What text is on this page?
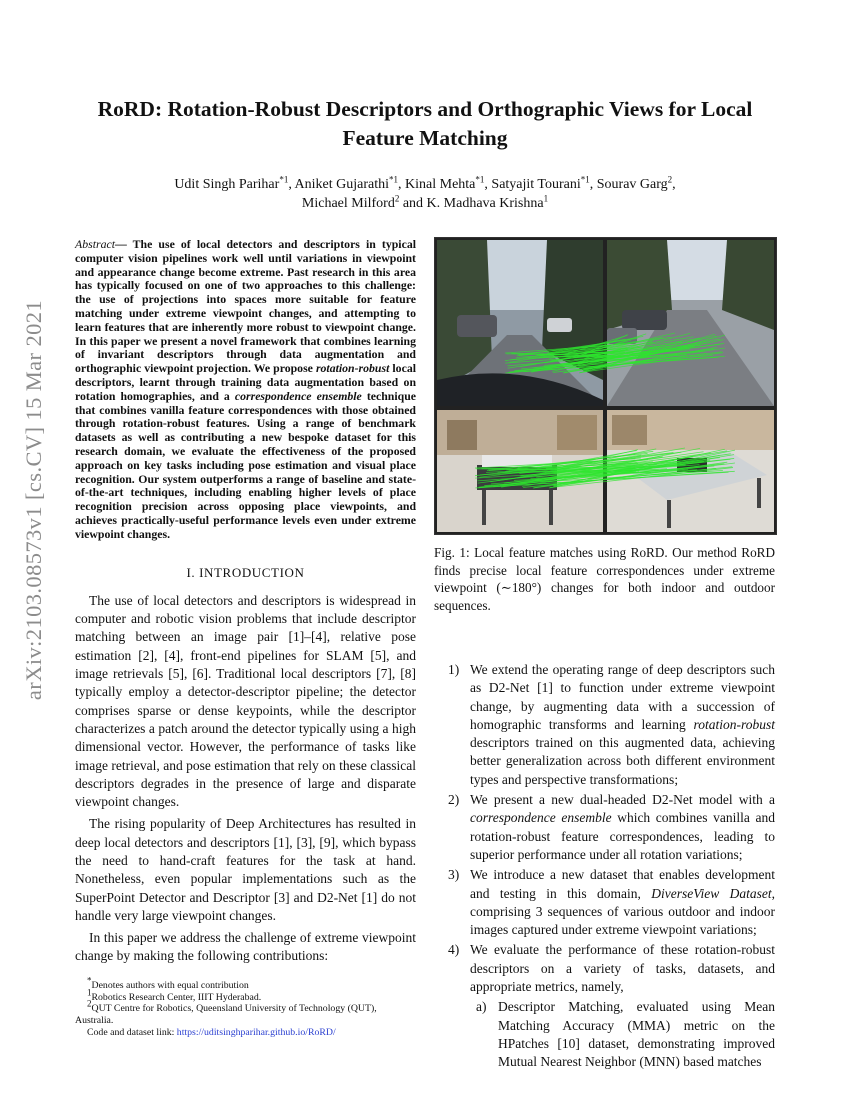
arXiv:2103.08573v1 [cs.CV] 15 Mar 2021
RoRD: Rotation-Robust Descriptors and Orthographic Views for Local Feature Matching
Udit Singh Parihar$^{*1}$, Aniket Gujarathi$^{*1}$, Kinal Mehta$^{*1}$, Satyajit Tourani$^{*1}$, Sourav Garg$^2$,
Michael Milford$^2$ and K. Madhava Krishna$^1$
Abstract— The use of local detectors and descriptors in typical computer vision pipelines work well until variations in viewpoint and appearance change become extreme. Past research in this area has typically focused on one of two approaches to this challenge: the use of projections into spaces more suitable for feature matching under extreme viewpoint changes, and attempting to learn features that are inherently more robust to viewpoint change. In this paper we present a novel framework that combines learning of invariant descriptors through data augmentation and orthographic viewpoint projection. We propose rotation-robust local descriptors, learnt through training data augmentation based on rotation homographies, and a correspondence ensemble technique that combines vanilla feature correspondences with those obtained through rotation-robust features. Using a range of benchmark datasets as well as contributing a new bespoke dataset for this research domain, we evaluate the effectiveness of the proposed approach on key tasks including pose estimation and visual place recognition. Our system outperforms a range of baseline and state-of-the-art techniques, including enabling higher levels of place recognition precision across opposing place viewpoints, and achieves practically-useful performance levels even under extreme viewpoint changes.
I. INTRODUCTION

The use of local detectors and descriptors is widespread in computer and robotic vision problems that include descriptor matching between an image pair [1]–[4], relative pose estimation [2], [4], front-end pipelines for SLAM [5], and image retrievals [5], [6]. Traditional local descriptors [7], [8] typically employ a detector-descriptor pipeline; the detector comprises sparse or dense keypoints, while the descriptor characterizes a patch around the detector typically using a high dimensional vector. However, the performance of tasks like image retrieval, and pose estimation that rely on these classical descriptors degrades in the presence of large and disparate viewpoint changes.

The rising popularity of Deep Architectures has resulted in deep local detectors and descriptors [1], [3], [9], which bypass the need to hand-craft features for the task at hand. Nonetheless, even popular implementations such as the SuperPoint Detector and Descriptor [3] and D2-Net [1] do not handle very large viewpoint changes.

In this paper we address the challenge of extreme viewpoint change by making the following contributions:

*Denotes authors with equal contribution

$^1$Robotics Research Center, IIIT Hyderabad.

$^2$QUT Centre for Robotics, Queensland University of Technology (QUT), Australia.

Code and dataset link: https://uditsinghparihar.github.io/RoRD/

Fig. 1: Local feature matches using RoRD. Our method RoRD finds precise local feature correspondences under extreme viewpoint (∼180°) changes for both indoor and outdoor sequences.
1) We extend the operating range of deep descriptors such as D2-Net [1] to function under extreme viewpoint change, by augmenting data with a succession of homographic transforms and learning rotation-robust descriptors trained on this augmented data, achieving better generalization across both different environment types and perspective transformations;
2) We present a new dual-headed D2-Net model with a correspondence ensemble which combines vanilla and rotation-robust feature correspondences, leading to superior performance under all rotation variations;
3) We introduce a new dataset that enables development and testing in this domain, DiverseView Dataset, comprising 3 sequences of various outdoor and indoor images captured under extreme viewpoint variations;
4) We evaluate the performance of these rotation-robust descriptors on a variety of tasks, datasets, and appropriate metrics, namely,
a) Descriptor Matching, evaluated using Mean Matching Accuracy (MMA) metric on the HPatches [10] dataset, demonstrating improved Mutual Nearest Neighbor (MNN) based matches
